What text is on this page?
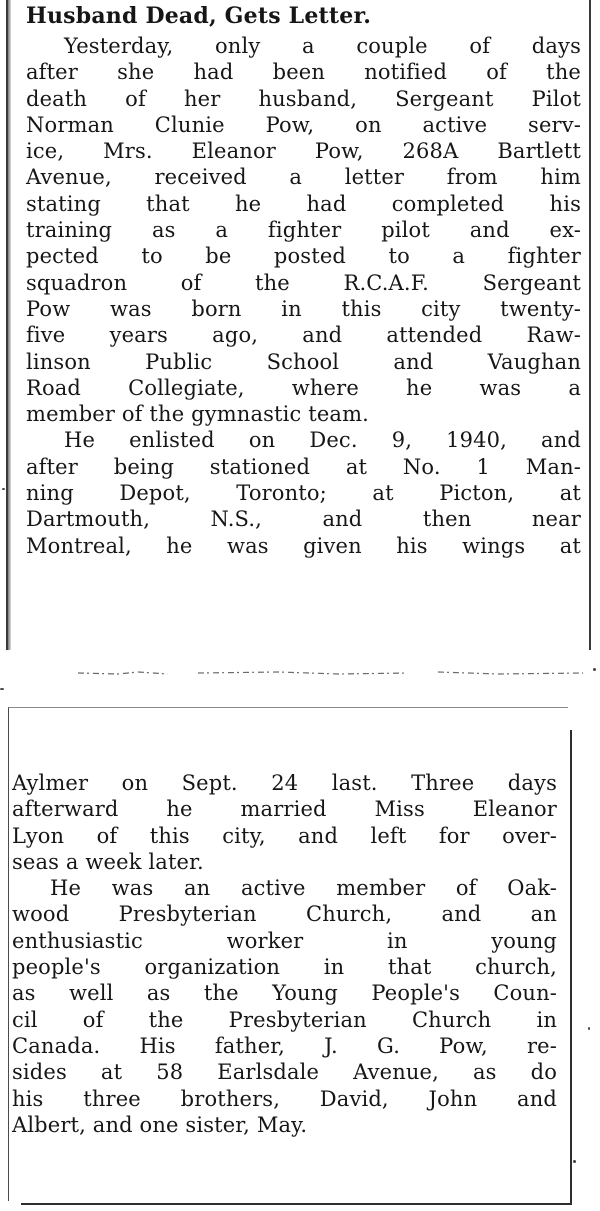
Husband Dead, Gets Letter.
Yesterday, only a couple of days
after she had been notified of the
death of her husband, Sergeant Pilot
Norman Clunie Pow, on active serv-
ice, Mrs. Eleanor Pow, 268A Bartlett
Avenue, received a letter from him
stating that he had completed his
training as a fighter pilot and ex-
pected to be posted to a fighter
squadron of the R.C.A.F. Sergeant
Pow was born in this city twenty-
five years ago, and attended Raw-
linson Public School and Vaughan
Road Collegiate, where he was a
member of the gymnastic team.
He enlisted on Dec. 9, 1940, and
after being stationed at No. 1 Man-
ning Depot, Toronto; at Picton, at
Dartmouth, N.S., and then near
Montreal, he was given his wings at
Aylmer on Sept. 24 last. Three days
afterward he married Miss Eleanor
Lyon of this city, and left for over-
seas a week later.
He was an active member of Oak-
wood Presbyterian Church, and an
enthusiastic worker in young
people's organization in that church,
as well as the Young People's Coun-
cil of the Presbyterian Church in
Canada. His father, J. G. Pow, re-
sides at 58 Earlsdale Avenue, as do
his three brothers, David, John and
Albert, and one sister, May.
